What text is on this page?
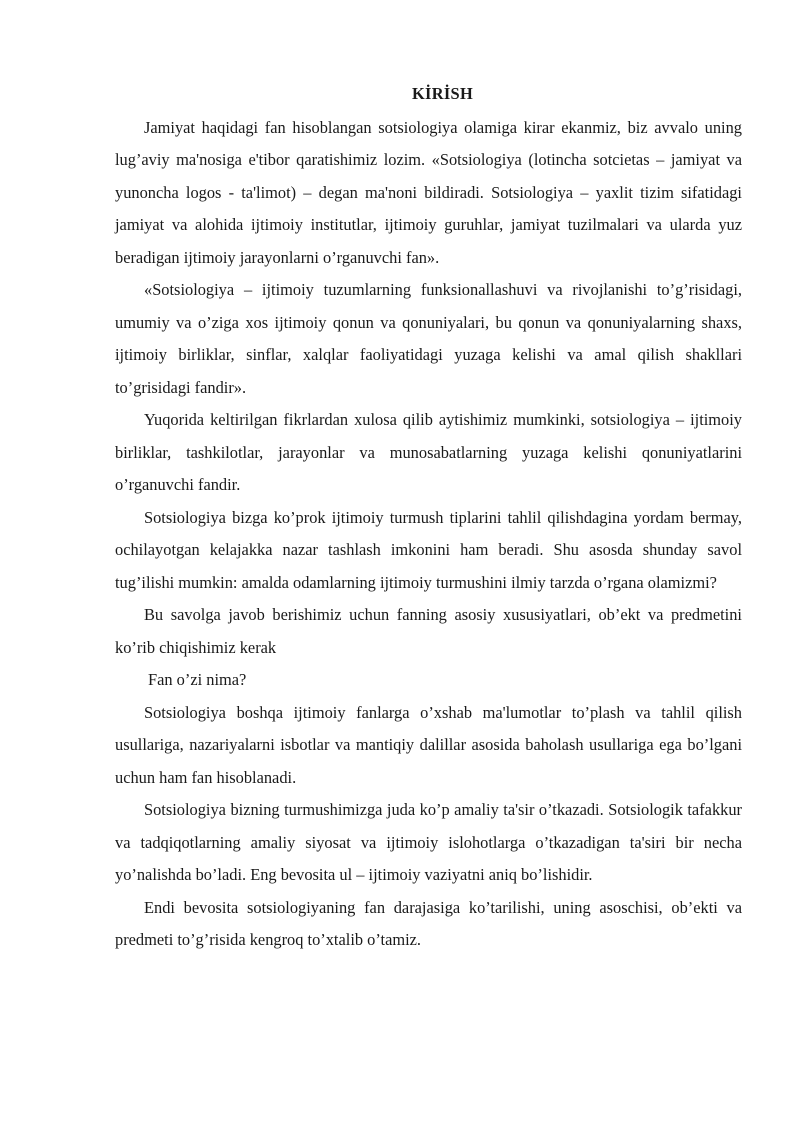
KİRİSH

Jamiyat haqidagi fan hisoblangan sotsiologiya olamiga kirar ekanmiz, biz avvalo uning lug’aviy ma'nosiga e'tibor qaratishimiz lozim. «Sotsiologiya (lotincha sotcietas – jamiyat va yunoncha logos - ta'limot) – degan ma'noni bildiradi. Sotsiologiya – yaxlit tizim sifatidagi jamiyat va alohida ijtimoiy institutlar, ijtimoiy guruhlar, jamiyat tuzilmalari va ularda yuz beradigan ijtimoiy jarayonlarni o’rganuvchi fan».

«Sotsiologiya – ijtimoiy tuzumlarning funksionallashuvi va rivojlanishi to’g’risidagi, umumiy va o’ziga xos ijtimoiy qonun va qonuniyalari, bu qonun va qonuniyalarning shaxs, ijtimoiy birliklar, sinflar, xalqlar faoliyatidagi yuzaga kelishi va amal qilish shakllari to’grisidagi fandir».

Yuqorida keltirilgan fikrlardan xulosa qilib aytishimiz mumkinki, sotsiologiya – ijtimoiy birliklar, tashkilotlar, jarayonlar va munosabatlarning yuzaga kelishi qonuniyatlarini o’rganuvchi fandir.

Sotsiologiya bizga ko’prok ijtimoiy turmush tiplarini tahlil qilishdagina yordam bermay, ochilayotgan kelajakka nazar tashlash imkonini ham beradi. Shu asosda shunday savol tug’ilishi mumkin: amalda odamlarning ijtimoiy turmushini ilmiy tarzda o’rgana olamizmi?

Bu savolga javob berishimiz uchun fanning asosiy xususiyatlari, ob’ekt va predmetini ko’rib chiqishimiz kerak

Fan o’zi nima?

Sotsiologiya boshqa ijtimoiy fanlarga o’xshab ma'lumotlar to’plash va tahlil qilish usullariga, nazariyalarni isbotlar va mantiqiy dalillar asosida baholash usullariga ega bo’lgani uchun ham fan hisoblanadi.

Sotsiologiya bizning turmushimizga juda ko’p amaliy ta'sir o’tkazadi. Sotsiologik tafakkur va tadqiqotlarning amaliy siyosat va ijtimoiy islohotlarga o’tkazadigan ta'siri bir necha yo’nalishda bo’ladi. Eng bevosita ul – ijtimoiy vaziyatni aniq bo’lishidir.

Endi bevosita sotsiologiyaning fan darajasiga ko’tarilishi, uning asoschisi, ob’ekti va predmeti to’g’risida kengroq to’xtalib o’tamiz.
